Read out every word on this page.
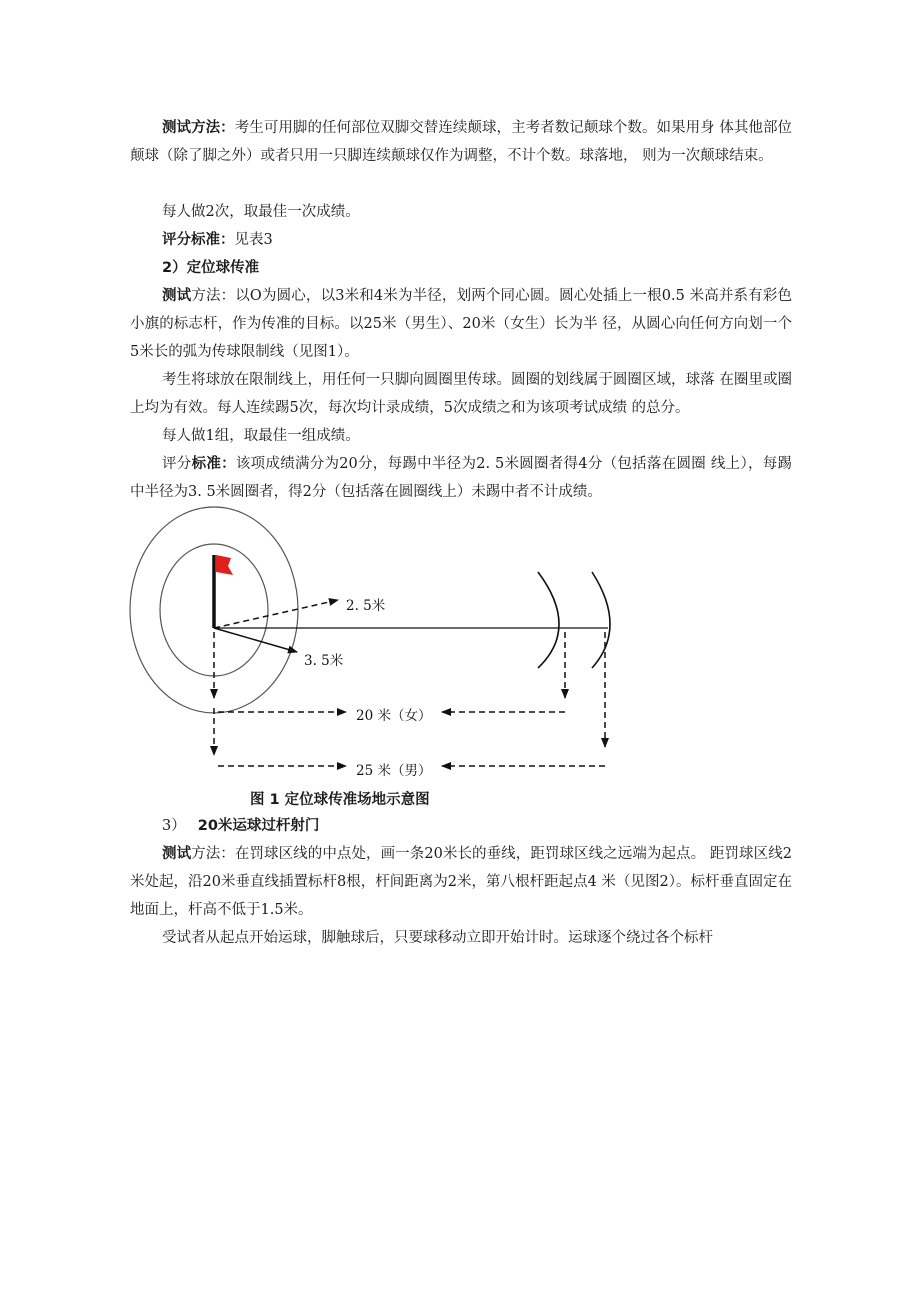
测试方法：考生可用脚的任何部位双脚交替连续颠球，主考者数记颠球个数。如果用身 体其他部位颠球（除了脚之外）或者只用一只脚连续颠球仅作为调整，不计个数。球落地， 则为一次颠球结束。

每人做2次，取最佳一次成绩。

评分标准：见表3

2）定位球传准

测试方法：以O为圆心，以3米和4米为半径，划两个同心圆。圆心处插上一根0.5 米高并系有彩色小旗的标志杆，作为传准的目标。以25米（男生）、20米（女生）长为半 径，从圆心向任何方向划一个5米长的弧为传球限制线（见图1）。

考生将球放在限制线上，用任何一只脚向圆圈里传球。圆圈的划线属于圆圈区域，球落 在圈里或圈上均为有效。每人连续踢5次，每次均计录成绩，5次成绩之和为该项考试成绩 的总分。

每人做1组，取最佳一组成绩。

评分标准：该项成绩满分为20分，每踢中半径为2. 5米圆圈者得4分（包括落在圆圈 线上），每踢中半径为3. 5米圆圈者，得2分（包括落在圆圈线上）未踢中者不计成绩。

2. 5米
3. 5米
20 米（女）
25 米（男）

图 1 定位球传准场地示意图

3） 20米运球过杆射门

测试方法：在罚球区线的中点处，画一条20米长的垂线，距罚球区线之远端为起点。 距罚球区线2米处起，沿20米垂直线插置标杆8根，杆间距离为2米，第八根杆距起点4 米（见图2）。标杆垂直固定在地面上，杆高不低于1.5米。

受试者从起点开始运球，脚触球后，只要球移动立即开始计时。运球逐个绕过各个标杆
